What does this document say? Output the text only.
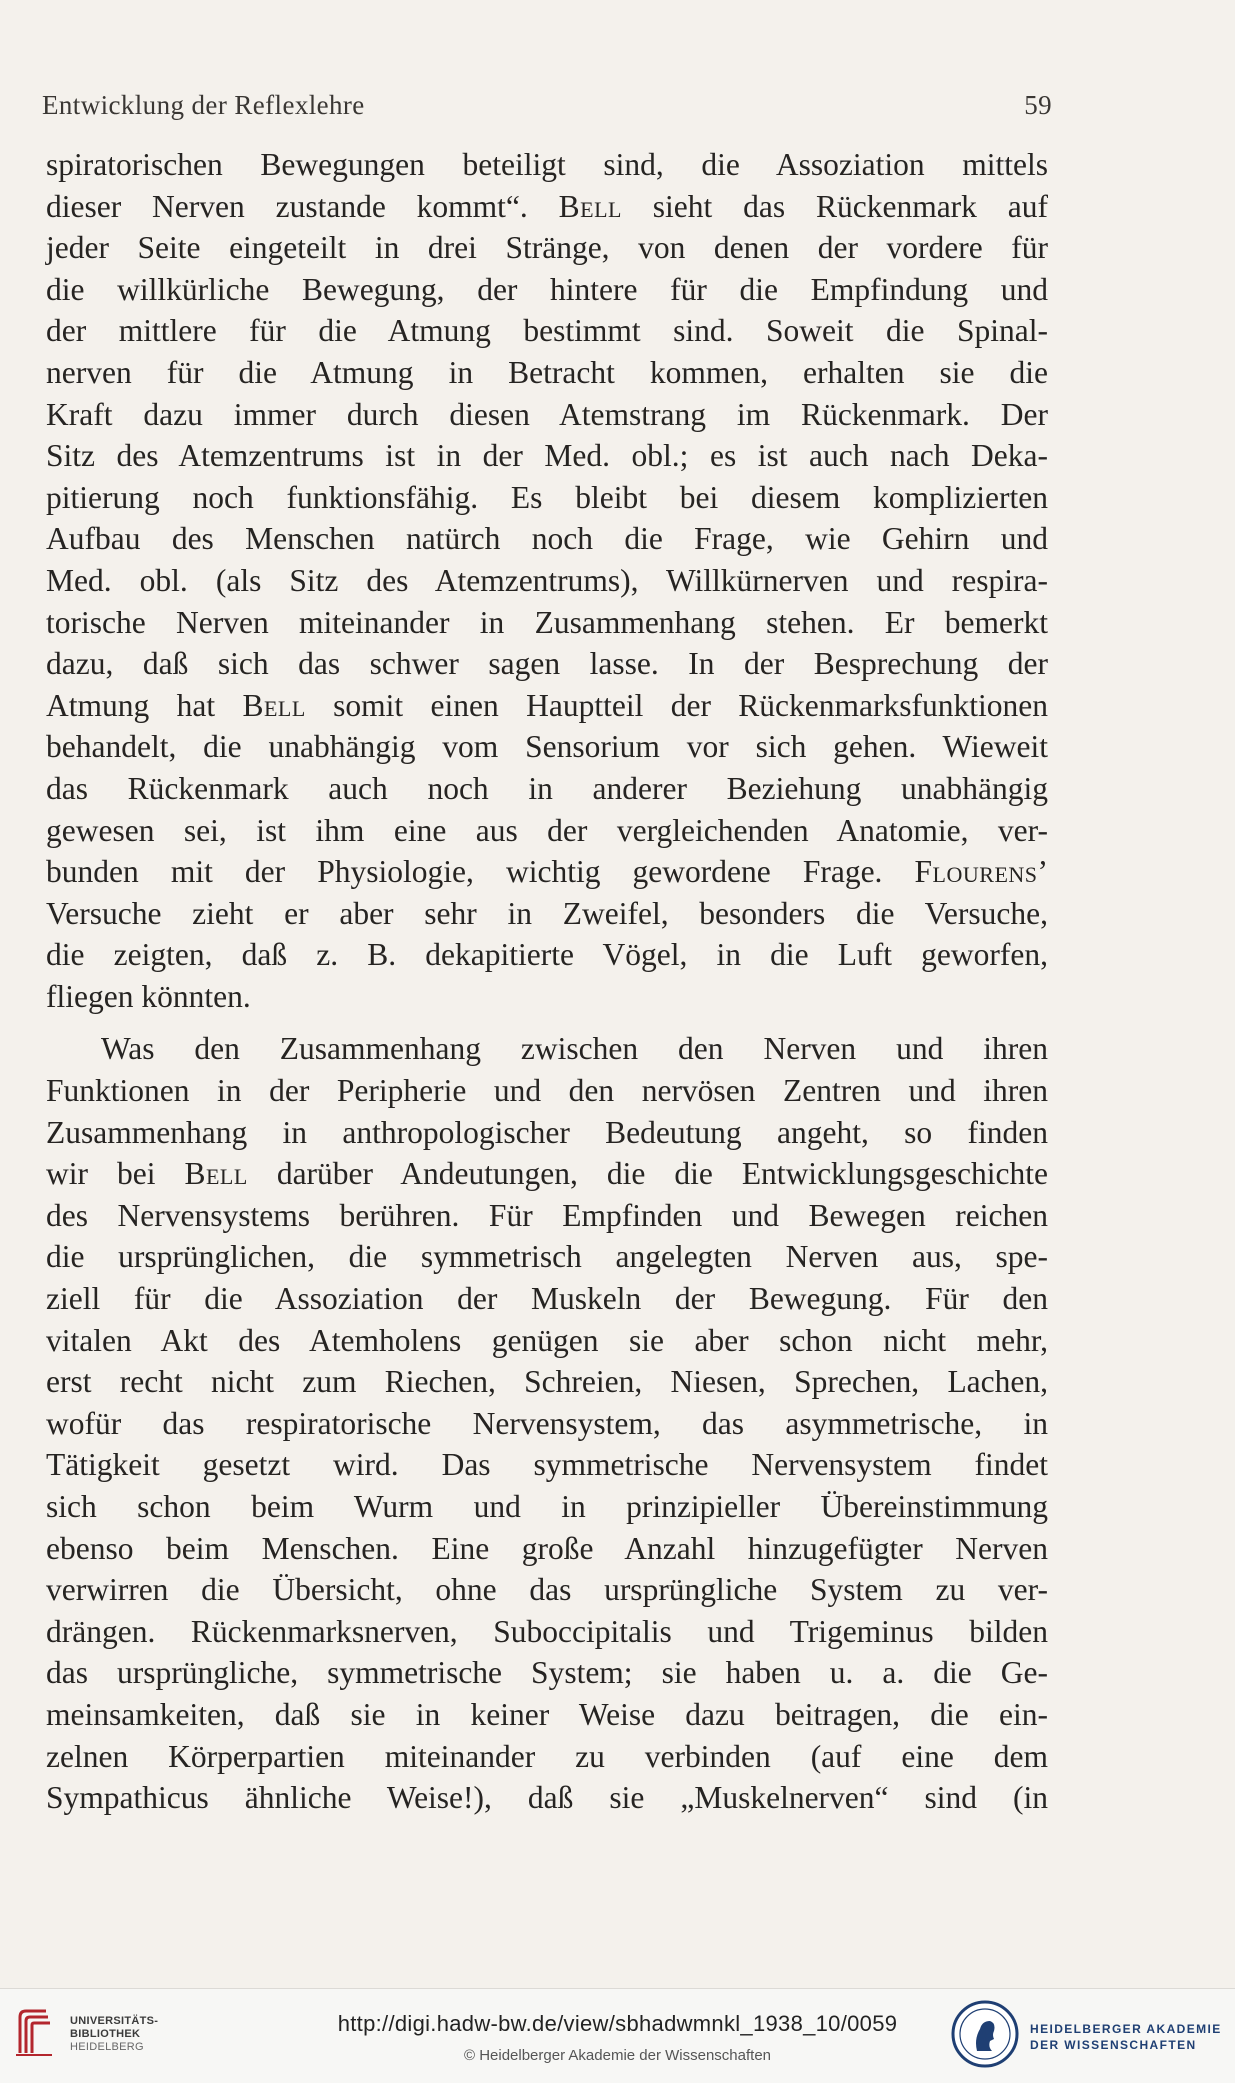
Entwicklung der Reflexlehre	59
spiratorischen Bewegungen beteiligt sind, die Assoziation mittels
dieser Nerven zustande kommt“. Bell sieht das Rückenmark auf
jeder Seite eingeteilt in drei Stränge, von denen der vordere für
die willkürliche Bewegung, der hintere für die Empfindung und
der mittlere für die Atmung bestimmt sind. Soweit die Spinal-
nerven für die Atmung in Betracht kommen, erhalten sie die
Kraft dazu immer durch diesen Atemstrang im Rückenmark. Der
Sitz des Atemzentrums ist in der Med. obl.; es ist auch nach Deka-
pitierung noch funktionsfähig. Es bleibt bei diesem komplizierten
Aufbau des Menschen natürch noch die Frage, wie Gehirn und
Med. obl. (als Sitz des Atemzentrums), Willkürnerven und respira-
torische Nerven miteinander in Zusammenhang stehen. Er bemerkt
dazu, daß sich das schwer sagen lasse. In der Besprechung der
Atmung hat Bell somit einen Hauptteil der Rückenmarksfunktionen
behandelt, die unabhängig vom Sensorium vor sich gehen. Wieweit
das Rückenmark auch noch in anderer Beziehung unabhängig
gewesen sei, ist ihm eine aus der vergleichenden Anatomie, ver-
bunden mit der Physiologie, wichtig gewordene Frage. Flourens’
Versuche zieht er aber sehr in Zweifel, besonders die Versuche,
die zeigten, daß z. B. dekapitierte Vögel, in die Luft geworfen,
fliegen könnten.
Was den Zusammenhang zwischen den Nerven und ihren
Funktionen in der Peripherie und den nervösen Zentren und ihren
Zusammenhang in anthropologischer Bedeutung angeht, so finden
wir bei Bell darüber Andeutungen, die die Entwicklungsgeschichte
des Nervensystems berühren. Für Empfinden und Bewegen reichen
die ursprünglichen, die symmetrisch angelegten Nerven aus, spe-
ziell für die Assoziation der Muskeln der Bewegung. Für den
vitalen Akt des Atemholens genügen sie aber schon nicht mehr,
erst recht nicht zum Riechen, Schreien, Niesen, Sprechen, Lachen,
wofür das respiratorische Nervensystem, das asymmetrische, in
Tätigkeit gesetzt wird. Das symmetrische Nervensystem findet
sich schon beim Wurm und in prinzipieller Übereinstimmung
ebenso beim Menschen. Eine große Anzahl hinzugefügter Nerven
verwirren die Übersicht, ohne das ursprüngliche System zu ver-
drängen. Rückenmarksnerven, Suboccipitalis und Trigeminus bilden
das ursprüngliche, symmetrische System; sie haben u. a. die Ge-
meinsamkeiten, daß sie in keiner Weise dazu beitragen, die ein-
zelnen Körperpartien miteinander zu verbinden (auf eine dem
Sympathicus ähnliche Weise!), daß sie „Muskelnerven“ sind (in
UNIVERSITÄTS-
BIBLIOTHEK
HEIDELBERG
http://digi.hadw-bw.de/view/sbhadwmnkl_1938_10/0059
© Heidelberger Akademie der Wissenschaften
HEIDELBERGER AKADEMIE
DER WISSENSCHAFTEN
